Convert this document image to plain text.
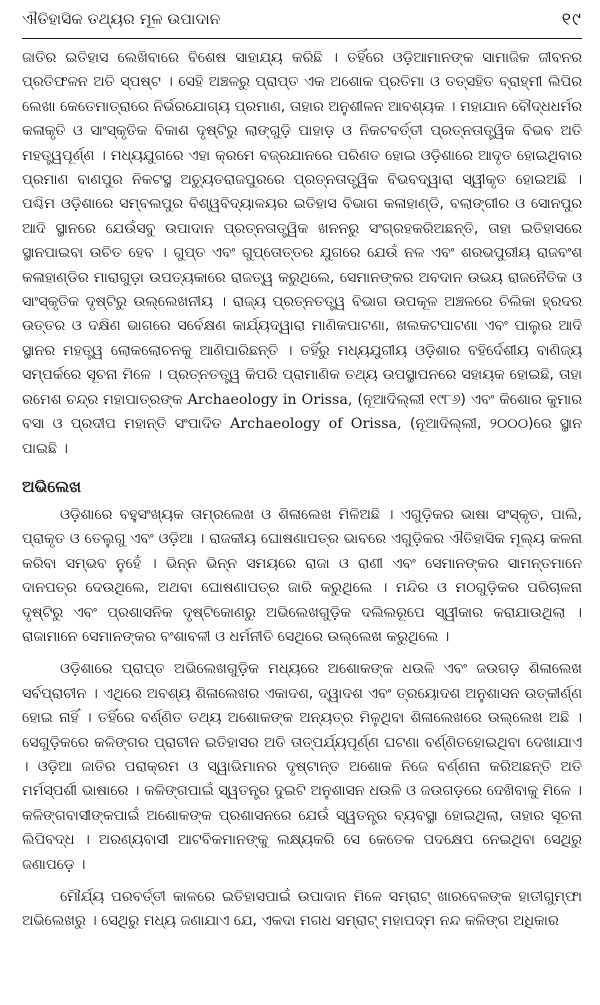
ଐତିହାସିକ ତଥ୍ୟର ମୂଳ ଉପାଦାନ	୧୯

ଜାତିର ଇତିହାସ ଲେଖିବାରେ ବିଶେଷ ସାହାଯ୍ୟ କରିଛି । ତହିଁରେ ଓଡ଼ିଆମାନଙ୍କ ସାମାଜିକ ଜୀବନର ପ୍ରତିଫଳନ ଅତି ସ୍ପଷ୍ଟ । ସେହି ଅଞ୍ଚଳରୁ ପ୍ରାପ୍ତ ଏକ ଅଶୋକ ପ୍ରତିମା ଓ ତତ୍ସହିତ ବ୍ରାହ୍ମୀ ଲିପିର ଲେଖା କେତେମାତ୍ରାରେ ନିର୍ଭରଯୋଗ୍ୟ ପ୍ରମାଣ, ତାହାର ଅନୁଶୀଳନ ଆବଶ୍ୟକ । ମହାଯାନ ବୌଦ୍ଧଧର୍ମର କଳାକୃତି ଓ ସାଂସ୍କୃତିକ ବିକାଶ ଦୃଷ୍ଟିରୁ ଲାଙ୍ଗୁଡ଼ି ପାହାଡ଼ ଓ ନିକଟବର୍ତ୍ତୀ ପ୍ରତ୍ନତାତ୍ତ୍ୱିକ ବିଭବ ଅତି ମହତ୍ତ୍ୱପୂର୍ଣ୍ଣ । ମଧ୍ୟଯୁଗରେ ଏହା କ୍ରମେ ବଜ୍ରଯାନରେ ପରିଣତ ହୋଇ ଓଡ଼ିଶାରେ ଆଦୃତ ହୋଇଥିବାର ପ୍ରମାଣ ବାଣପୁର ନିକଟସ୍ଥ ଅଚ୍ୟୁତରାଜପୁରରେ ପ୍ରତ୍ନତାତ୍ତ୍ୱିକ ବିଭବଦ୍ୱାରା ସ୍ୱୀକୃତ ହୋଇଅଛି । ପଶ୍ଚିମ ଓଡ଼ିଶାରେ ସମ୍ବଲପୁର ବିଶ୍ୱବିଦ୍ୟାଳୟର ଇତିହାସ ବିଭାଗ କଳାହାଣ୍ଡି, ବଲାଙ୍ଗୀର ଓ ସୋନପୁର ଆଦି ସ୍ଥାନରେ ଯେଉଁସବୁ ଉପାଦାନ ପ୍ରତ୍ନତାତ୍ତ୍ୱିକ ଖନନରୁ ସଂଗ୍ରହକରିଅଛନ୍ତି, ତାହା ଇତିହାସରେ ସ୍ଥାନପାଇବା ଉଚିତ ହେବ । ଗୁପ୍ତ ଏବଂ ଗୁପ୍ତୋତ୍ତର ଯୁଗରେ ଯେଉଁ ନଳ ଏବଂ ଶରଭପୁରୀୟ ରାଜବଂଶ କଳାହାଣ୍ଡିର ମାରାଗୁଡ଼ା ଉପତ୍ୟକାରେ ରାଜତ୍ୱ କରୁଥିଲେ, ସେମାନଙ୍କର ଅବଦାନ ଉଭୟ ରାଜନୈତିକ ଓ ସାଂସ୍କୃତିକ ଦୃଷ୍ଟିରୁ ଉଲ୍ଲେଖନୀୟ । ରାଜ୍ୟ ପ୍ରତ୍ନତତ୍ତ୍ୱ ବିଭାଗ ଉପକୂଳ ଅଞ୍ଚଳରେ ଚିଲିକା ହ୍ରଦର ଉତ୍ତର ଓ ଦକ୍ଷିଣ ଭାଗରେ ସର୍ବେକ୍ଷଣ କାର୍ଯ୍ୟଦ୍ୱାରା ମାଣିକପାଟଣା, ଖଲକଟପାଟଣା ଏବଂ ପାଲୁର ଆଦି ସ୍ଥାନର ମହତ୍ତ୍ୱ ଲୋକଲୋଚନକୁ ଆଣିପାରିଛନ୍ତି । ତହିଁରୁ ମଧ୍ୟଯୁଗୀୟ ଓଡ଼ିଶାର ବହିର୍ଦେଶୀୟ ବାଣିଜ୍ୟ ସମ୍ପର୍କରେ ସୂଚନା ମିଳେ । ପ୍ରତ୍ନତତ୍ତ୍ୱ କିପରି ପ୍ରାମାଣିକ ତଥ୍ୟ ଉପସ୍ଥାପନରେ ସହାୟକ ହୋଇଛି, ତାହା ରମେଶ ଚନ୍ଦ୍ର ମହାପାତ୍ରଙ୍କ Archaeology in Orissa, (ନୂଆଦିଲ୍ଲୀ ୧୯୮୬) ଏବଂ କିଶୋର କୁମାର ବସା ଓ ପ୍ରଦୀପ ମହାନ୍ତି ସଂପାଦିତ Archaeology of Orissa, (ନୂଆଦିଲ୍ଲୀ, ୨୦୦୦)ରେ ସ୍ଥାନ ପାଇଛି ।

ଅଭିଲେଖ

ଓଡ଼ିଶାରେ ବହୁସଂଖ୍ୟକ ତାମ୍ରଲେଖ ଓ ଶିଳାଲେଖ ମିଳିଅଛି । ଏଗୁଡ଼ିକର ଭାଷା ସଂସ୍କୃତ, ପାଲି, ପ୍ରାକୃତ ଓ ତେଲୁଗୁ ଏବଂ ଓଡ଼ିଆ । ରାଜକୀୟ ଘୋଷଣାପତ୍ର ଭାବରେ ଏଗୁଡ଼ିକର ଐତିହାସିକ ମୂଲ୍ୟ କଳନା କରିବା ସମ୍ଭବ ନୁହେଁ । ଭିନ୍ନ ଭିନ୍ନ ସମୟରେ ରାଜା ଓ ରାଣୀ ଏବଂ ସେମାନଙ୍କର ସାମନ୍ତମାନେ ଦାନପତ୍ର ଦେଉଥିଲେ, ଅଥବା ଘୋଷଣାପତ୍ର ଜାରି କରୁଥିଲେ । ମନ୍ଦିର ଓ ମଠଗୁଡ଼ିକର ପରିଚାଳନା ଦୃଷ୍ଟିରୁ ଏବଂ ପ୍ରଶାସନିକ ଦୃଷ୍ଟିକୋଣରୁ ଅଭିଲେଖଗୁଡ଼ିକ ଦଲିଲରୂପେ ସ୍ୱୀକାର କରାଯାଉଥିଲା । ରାଜାମାନେ ସେମାନଙ୍କର ବଂଶାବଳୀ ଓ ଧର୍ମନୀତି ସେଥିରେ ଉଲ୍ଲେଖ କରୁଥିଲେ ।

ଓଡ଼ିଶାରେ ପ୍ରାପ୍ତ ଅଭିଲେଖଗୁଡ଼ିକ ମଧ୍ୟରେ ଅଶୋକଙ୍କ ଧଉଳି ଏବଂ ଜଉଗଡ଼ ଶିଳାଲେଖ ସର୍ବପ୍ରାଚୀନ । ଏଥିରେ ଅବଶ୍ୟ ଶିଳାଲେଖର ଏକାଦଶ, ଦ୍ୱାଦଶ ଏବଂ ତ୍ରୟୋଦଶ ଅନୁଶାସନ ଉତ୍କୀର୍ଣ୍ଣ ହୋଇ ନାହିଁ । ତହିଁରେ ବର୍ଣ୍ଣିତ ତଥ୍ୟ ଅଶୋକଙ୍କ ଅନ୍ୟତ୍ର ମିଳୁଥିବା ଶିଳାଲେଖରେ ଉଲ୍ଲେଖ ଅଛି । ସେଗୁଡ଼ିକରେ କଳିଙ୍ଗର ପ୍ରାଚୀନ ଇତିହାସର ଅତି ତାତ୍ପର୍ଯ୍ୟପୂର୍ଣ୍ଣ ଘଟଣା ବର୍ଣ୍ଣିତହୋଇଥିବା ଦେଖାଯାଏ । ଓଡ଼ିଆ ଜାତିର ପରାକ୍ରମ ଓ ସ୍ୱାଭିମାନର ଦୃଷ୍ଟାନ୍ତ ଅଶୋକ ନିଜେ ବର୍ଣ୍ଣନା କରିଅଛନ୍ତି ଅତି ମର୍ମସ୍ପର୍ଶୀ ଭାଷାରେ । କଳିଙ୍ଗପାଇଁ ସ୍ୱତନ୍ତ୍ର ଦୁଇଟି ଅନୁଶାସନ ଧଉଳି ଓ ଜଉଗଡ଼ରେ ଦେଖିବାକୁ ମିଳେ । କଳିଙ୍ଗବାସୀଙ୍କପାଇଁ ଅଶୋକଙ୍କ ପ୍ରଶାସନରେ ଯେଉଁ ସ୍ୱତନ୍ତ୍ର ବ୍ୟବସ୍ଥା ହୋଇଥିଲା, ତାହାର ସୂଚନା ଲିପିବଦ୍ଧ । ଅରଣ୍ୟବାସୀ ଆଟବିକମାନଙ୍କୁ ଲକ୍ଷ୍ୟକରି ସେ କେତେକ ପଦକ୍ଷେପ ନେଇଥିବା ସେଥିରୁ ଜଣାପଡ଼େ ।

ମୌର୍ଯ୍ୟ ପରବର୍ତ୍ତୀ କାଳରେ ଇତିହାସପାଇଁ ଉପାଦାନ ମିଳେ ସମ୍ରାଟ୍ ଖାରବେଳଙ୍କ ହାତୀଗୁମ୍ଫା ଅଭିଲେଖରୁ । ସେଥିରୁ ମଧ୍ୟ ଜଣାଯାଏ ଯେ, ଏକଦା ମଗଧ ସମ୍ରାଟ୍ ମହାପଦ୍ମ ନନ୍ଦ କଳିଙ୍ଗ ଅଧିକାର
